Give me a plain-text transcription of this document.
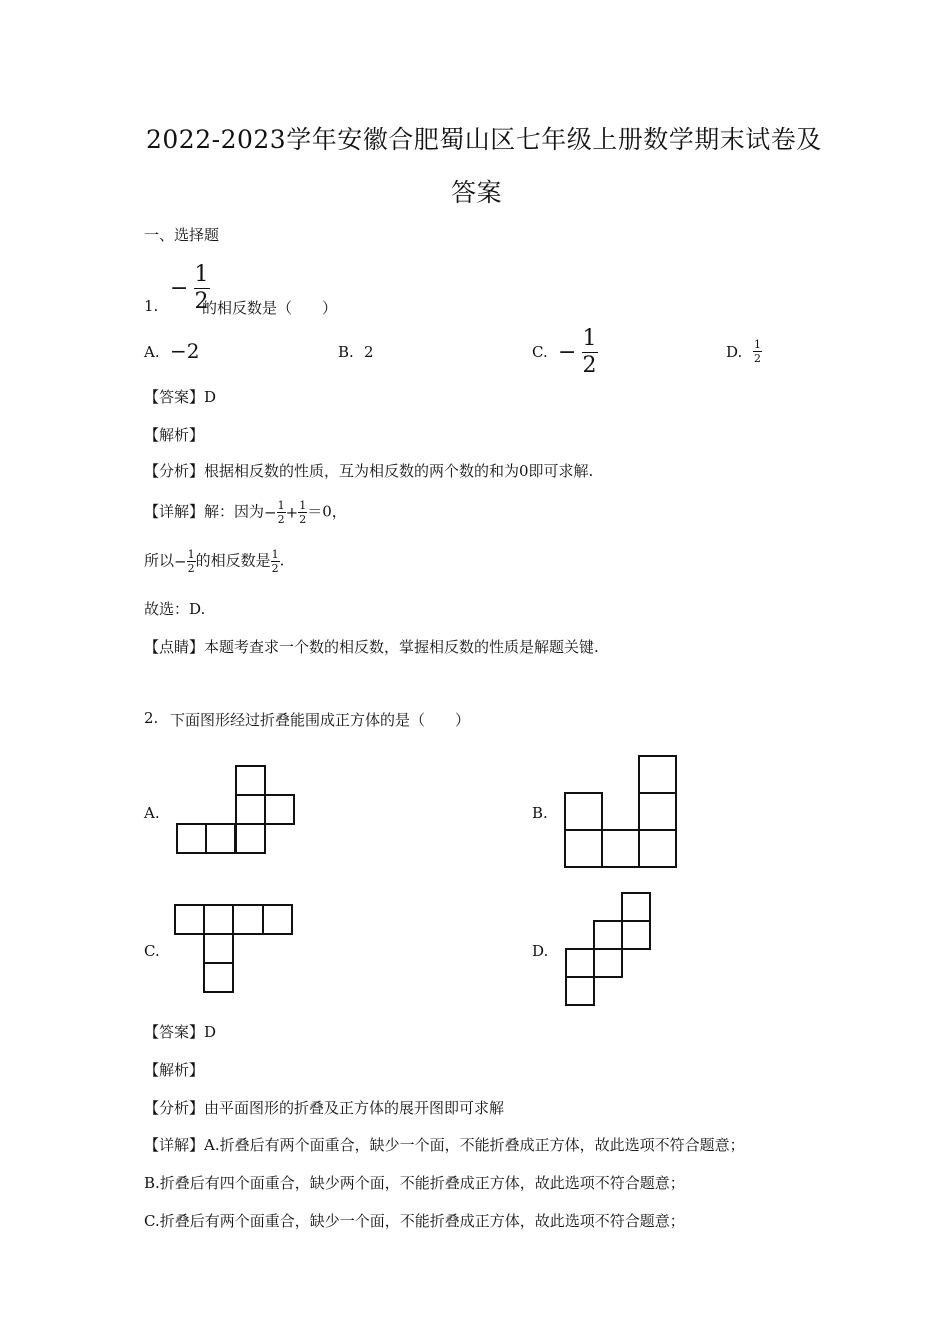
2022-2023学年安徽合肥蜀山区七年级上册数学期末试卷及
答案
一、选择题
− $\frac{1}{2}$
1.	的相反数是（　　）
A. −2	B. 2	C. − $\frac{1}{2}$	D. $\frac{1}{2}$
【答案】D
【解析】
【分析】根据相反数的性质，互为相反数的两个数的和为0即可求解.
【详解】解：因为− $\frac{1}{2} + \frac{1}{2} =0$，
所以− $\frac{1}{2}$ 的相反数是 $\frac{1}{2}$ .
故选：D.
【点睛】本题考查求一个数的相反数，掌握相反数的性质是解题关键.
2. 下面图形经过折叠能围成正方体的是（　　）
A.	B.
C.	D.
【答案】D
【解析】
【分析】由平面图形的折叠及正方体的展开图即可求解
【详解】A.折叠后有两个面重合，缺少一个面，不能折叠成正方体，故此选项不符合题意；
B.折叠后有四个面重合，缺少两个面，不能折叠成正方体，故此选项不符合题意；
C.折叠后有两个面重合，缺少一个面，不能折叠成正方体，故此选项不符合题意；
